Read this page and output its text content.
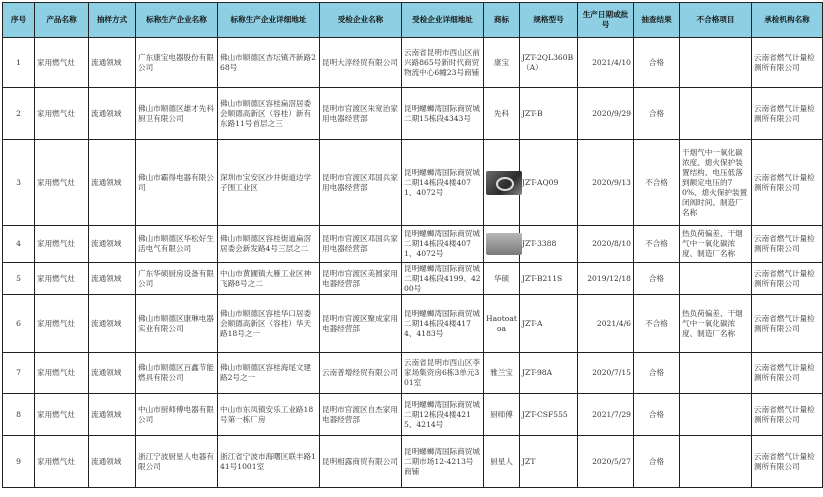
序号	产品名称	抽样方式	标称生产企业名称	标称生产企业详细地址	受检企业名称	受检企业详细地址	商标	规格型号	生产日期或批号	抽查结果	不合格项目	承检机构名称
1	家用燃气灶	流通领域	广东康宝电器股份有限公司	佛山市顺德区杏坛镇齐新路268号	昆明大淳经贸有限公司	云南省昆明市西山区前兴路865号新时代商贸物流中心6幢23号商铺	康宝	JZT-2QL360B（A）	2021/4/10	合格		云南省燃气计量检测所有限公司
2	家用燃气灶	流通领域	佛山市顺德区雄才先科厨卫有限公司	佛山市顺德区容桂扁滘居委会顺德高新区（容桂）新有东路11号首层之三	昆明市官渡区朱宽治家用电器经营部	昆明螺蛳湾国际商贸城二期15栋段4343号	先科	JZT-B	2020/9/29	合格		云南省燃气计量检测所有限公司
3	家用燃气灶	流通领域	佛山市霸得电器有限公司	深圳市宝安区沙井街道边学子围工业区	昆明市官渡区邓国兵家用电器经营部	昆明螺蛳湾国际商贸城二期14栋段4楼4071、4072号		JZT-AQ09	2020/9/13	不合格	干烟气中一氧化碳浓度、熄火保护装置结构、电压低落到额定电压的70%、熄火保护装置闭阀时间、制造厂名称	云南省燃气计量检测所有限公司
4	家用燃气灶	流通领域	佛山市顺德区华松好生活电气有限公司	佛山市顺德区容桂街道扁滘居委会新发路4号三层之二	昆明市官渡区邓国兵家用电器经营部	昆明螺蛳湾国际商贸城二期14栋段4楼4071、4072号		JZT-3388	2020/8/10	不合格	热负荷偏差、干烟气中一氧化碳浓度、制造厂名称	云南省燃气计量检测所有限公司
5	家用燃气灶	流通领域	广东华硕厨房设备有限公司	中山市黄圃镇大雁工业区神飞路8号之二	昆明市官渡区美圆家用电器经营部	昆明螺蛳湾国际商贸城二期14栋段4199、4200号	华硕	JZT-B211S	2019/12/18	合格		云南省燃气计量检测所有限公司
6	家用燃气灶	流通领域	佛山市顺德区康琳电器实业有限公司	佛山市顺德区容桂华口居委会顺德高新区（容桂）华天路18号之一	昆明市官渡区聚成家用电器经营部	昆明螺蛳湾国际商贸城二期14栋段4楼4174、4183号	Haotoatoa	JZT-A	2021/4/6	不合格	热负荷偏差、干烟气中一氧化碳浓度、制造厂名称	云南省燃气计量检测所有限公司
7	家用燃气灶	流通领域	佛山市顺德区百鑫节能燃具有限公司	佛山市顺德区容桂海尾文建路2号之一	云南普增经贸有限公司	云南省昆明市西山区李家场集资房6栋3单元301室	雅兰宝	JZT-98A	2020/7/15	合格		云南省燃气计量检测所有限公司
8	家用燃气灶	流通领域	中山市厨师傅电器有限公司	中山市东凤镇安乐工业路18号第一栋厂房	昆明市官渡区自杰家用电器经营部	昆明螺蛳湾国际商贸城二期12栋段4楼4215、4214号	厨师傅	JZT-CSF555	2021/7/29	合格		云南省燃气计量检测所有限公司
9	家用燃气灶	流通领域	浙江宁波厨星人电器有限公司	浙江省宁波市海曙区联丰路141号1001室	昆明相露商贸有限公司	昆明螺蛳湾国际商贸城二期市场12-4213号商铺	厨星人	JZT	2020/5/27	合格		云南省燃气计量检测所有限公司
